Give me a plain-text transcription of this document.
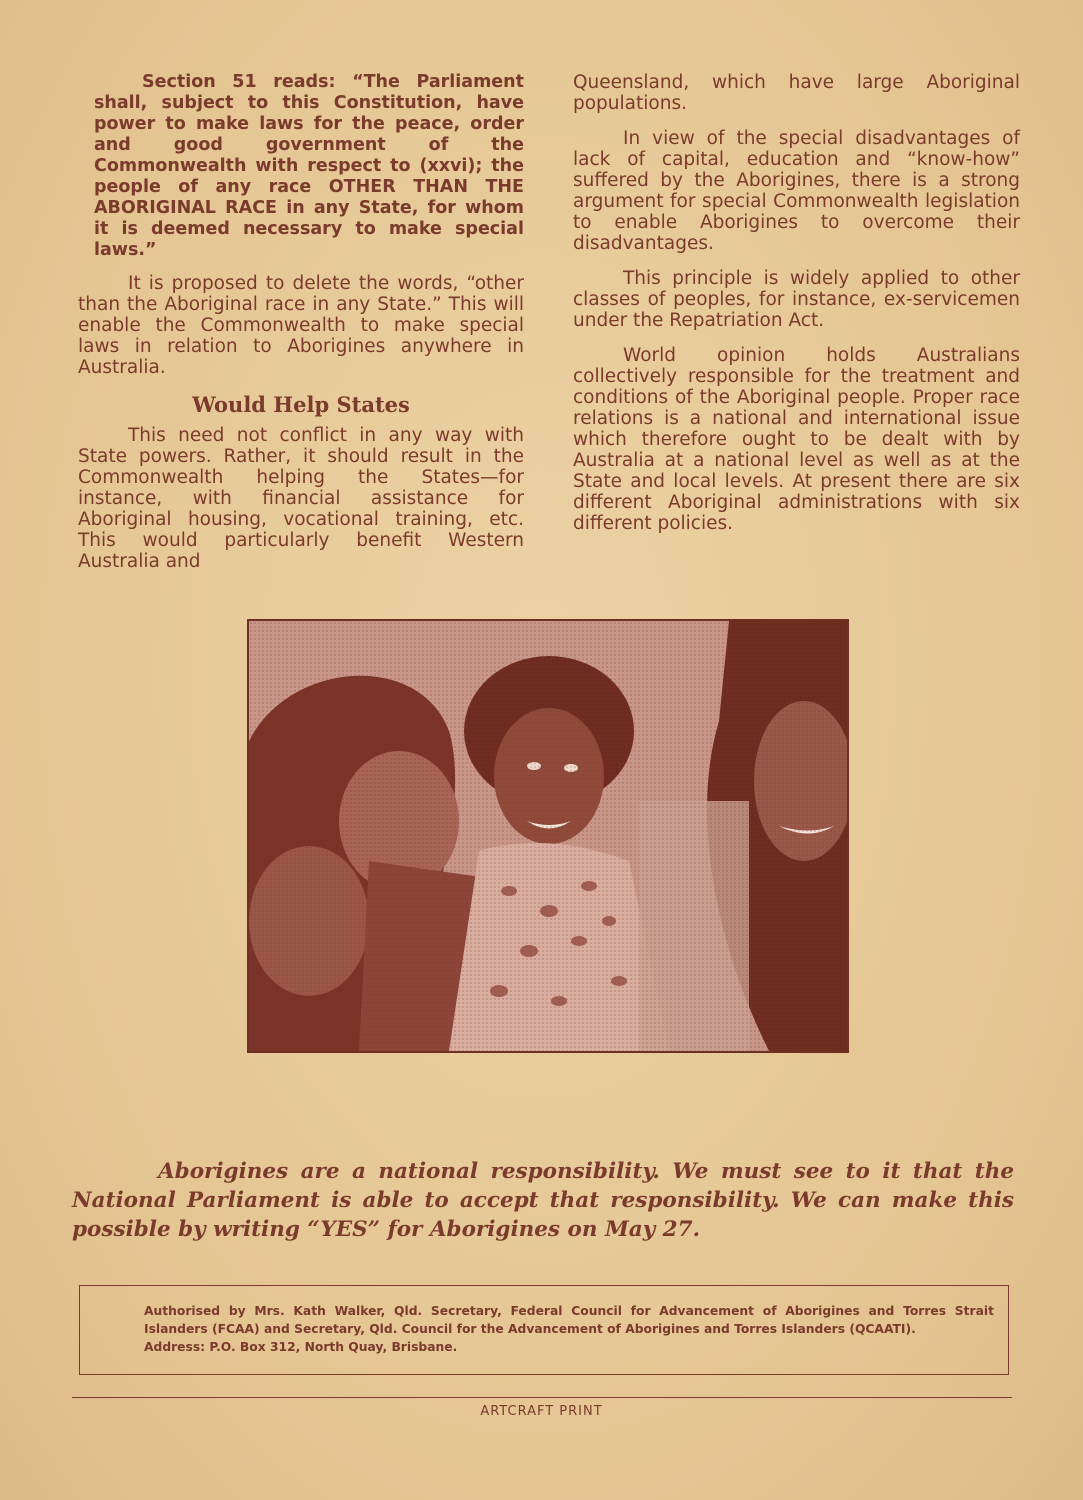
Section 51 reads: “The Parliament shall, subject to this Constitution, have power to make laws for the peace, order and good government of the Commonwealth with respect to (xxvi); the people of any race OTHER THAN THE ABORIGINAL RACE in any State, for whom it is deemed necessary to make special laws.”

It is proposed to delete the words, “other than the Aboriginal race in any State.” This will enable the Commonwealth to make special laws in relation to Aborigines anywhere in Australia.

Would Help States

This need not conflict in any way with State powers. Rather, it should result in the Commonwealth helping the States—for instance, with financial assistance for Aboriginal housing, vocational training, etc. This would particularly benefit Western Australia and

Queensland, which have large Aboriginal populations.

In view of the special disadvantages of lack of capital, education and “know-how” suffered by the Aborigines, there is a strong argument for special Commonwealth legislation to enable Aborigines to overcome their disadvantages.

This principle is widely applied to other classes of peoples, for instance, ex-servicemen under the Repatriation Act.

World opinion holds Australians collectively responsible for the treatment and conditions of the Aboriginal people. Proper race relations is a national and international issue which therefore ought to be dealt with by Australia at a national level as well as at the State and local levels. At present there are six different Aboriginal administrations with six different policies.

Aborigines are a national responsibility. We must see to it that the National Parliament is able to accept that responsibility. We can make this possible by writing “YES” for Aborigines on May 27.
Authorised by Mrs. Kath Walker, Qld. Secretary, Federal Council for Advancement of Aborigines and Torres Strait Islanders (FCAA) and Secretary, Qld. Council for the Advancement of Aborigines and Torres Islanders (QCAATI).
Address: P.O. Box 312, North Quay, Brisbane.
ARTCRAFT PRINT
